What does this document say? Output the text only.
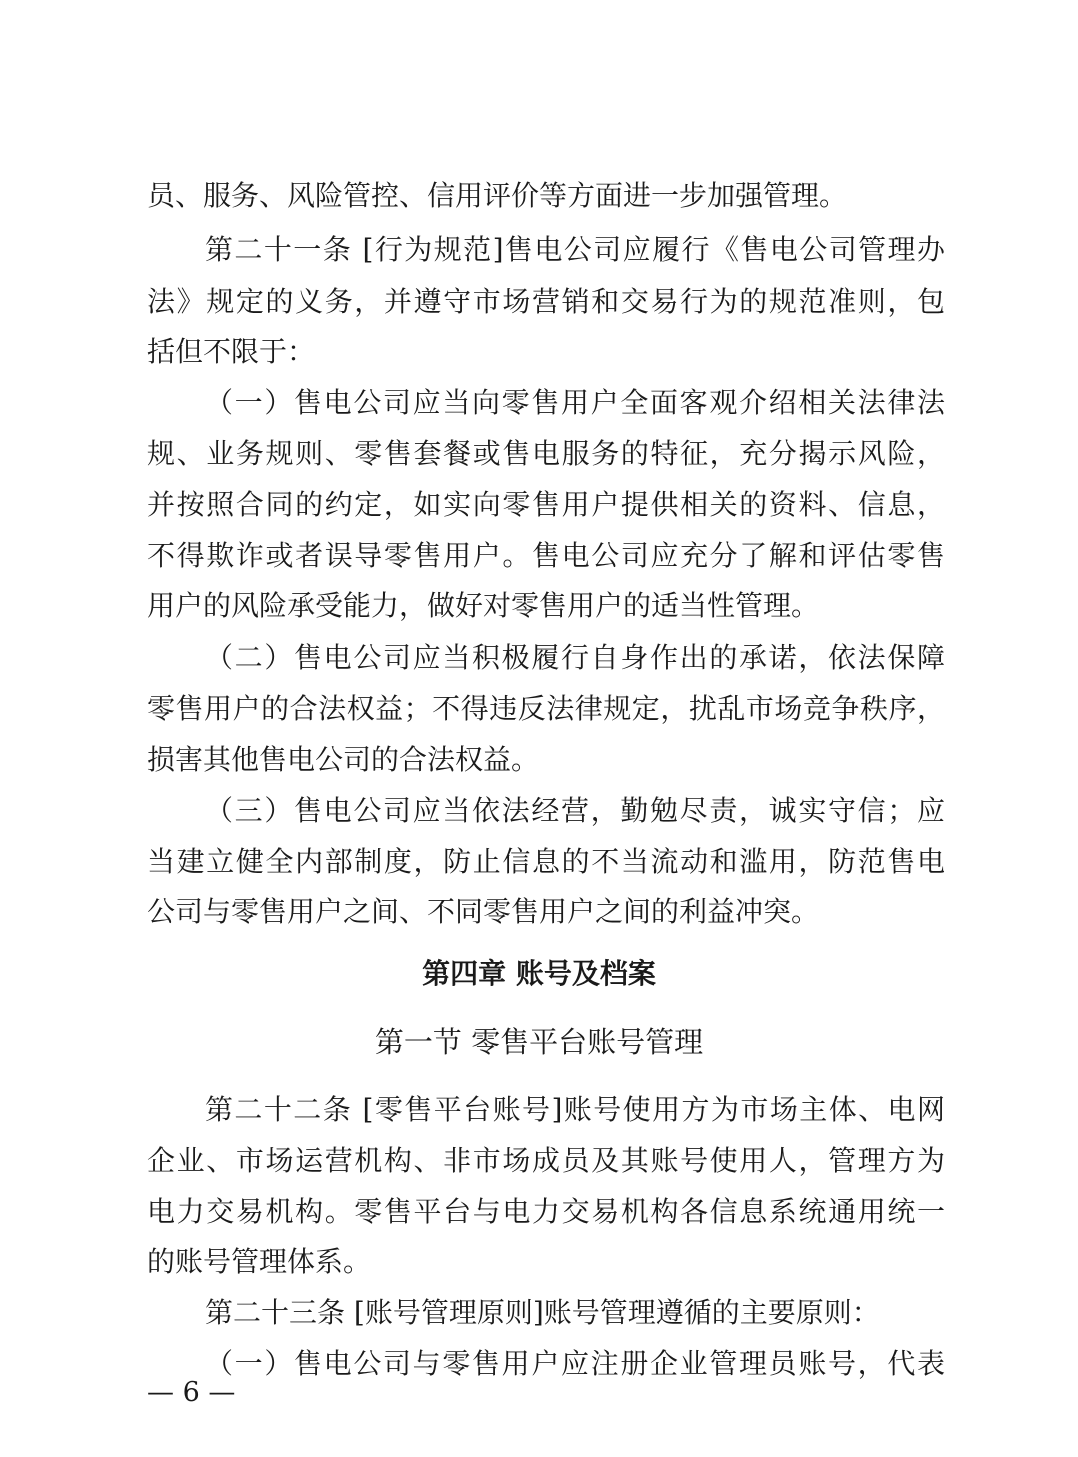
员、服务、风险管控、信用评价等方面进一步加强管理。
第二十一条 [行为规范]售电公司应履行《售电公司管理办
法》规定的义务，并遵守市场营销和交易行为的规范准则，包
括但不限于：
（一）售电公司应当向零售用户全面客观介绍相关法律法
规、业务规则、零售套餐或售电服务的特征，充分揭示风险，
并按照合同的约定，如实向零售用户提供相关的资料、信息，
不得欺诈或者误导零售用户。售电公司应充分了解和评估零售
用户的风险承受能力，做好对零售用户的适当性管理。
（二）售电公司应当积极履行自身作出的承诺，依法保障
零售用户的合法权益；不得违反法律规定，扰乱市场竞争秩序，
损害其他售电公司的合法权益。
（三）售电公司应当依法经营，勤勉尽责，诚实守信；应
当建立健全内部制度，防止信息的不当流动和滥用，防范售电
公司与零售用户之间、不同零售用户之间的利益冲突。
第四章 账号及档案
第一节 零售平台账号管理
第二十二条 [零售平台账号]账号使用方为市场主体、电网
企业、市场运营机构、非市场成员及其账号使用人，管理方为
电力交易机构。零售平台与电力交易机构各信息系统通用统一
的账号管理体系。
第二十三条 [账号管理原则]账号管理遵循的主要原则：
（一）售电公司与零售用户应注册企业管理员账号，代表
— 6 —
